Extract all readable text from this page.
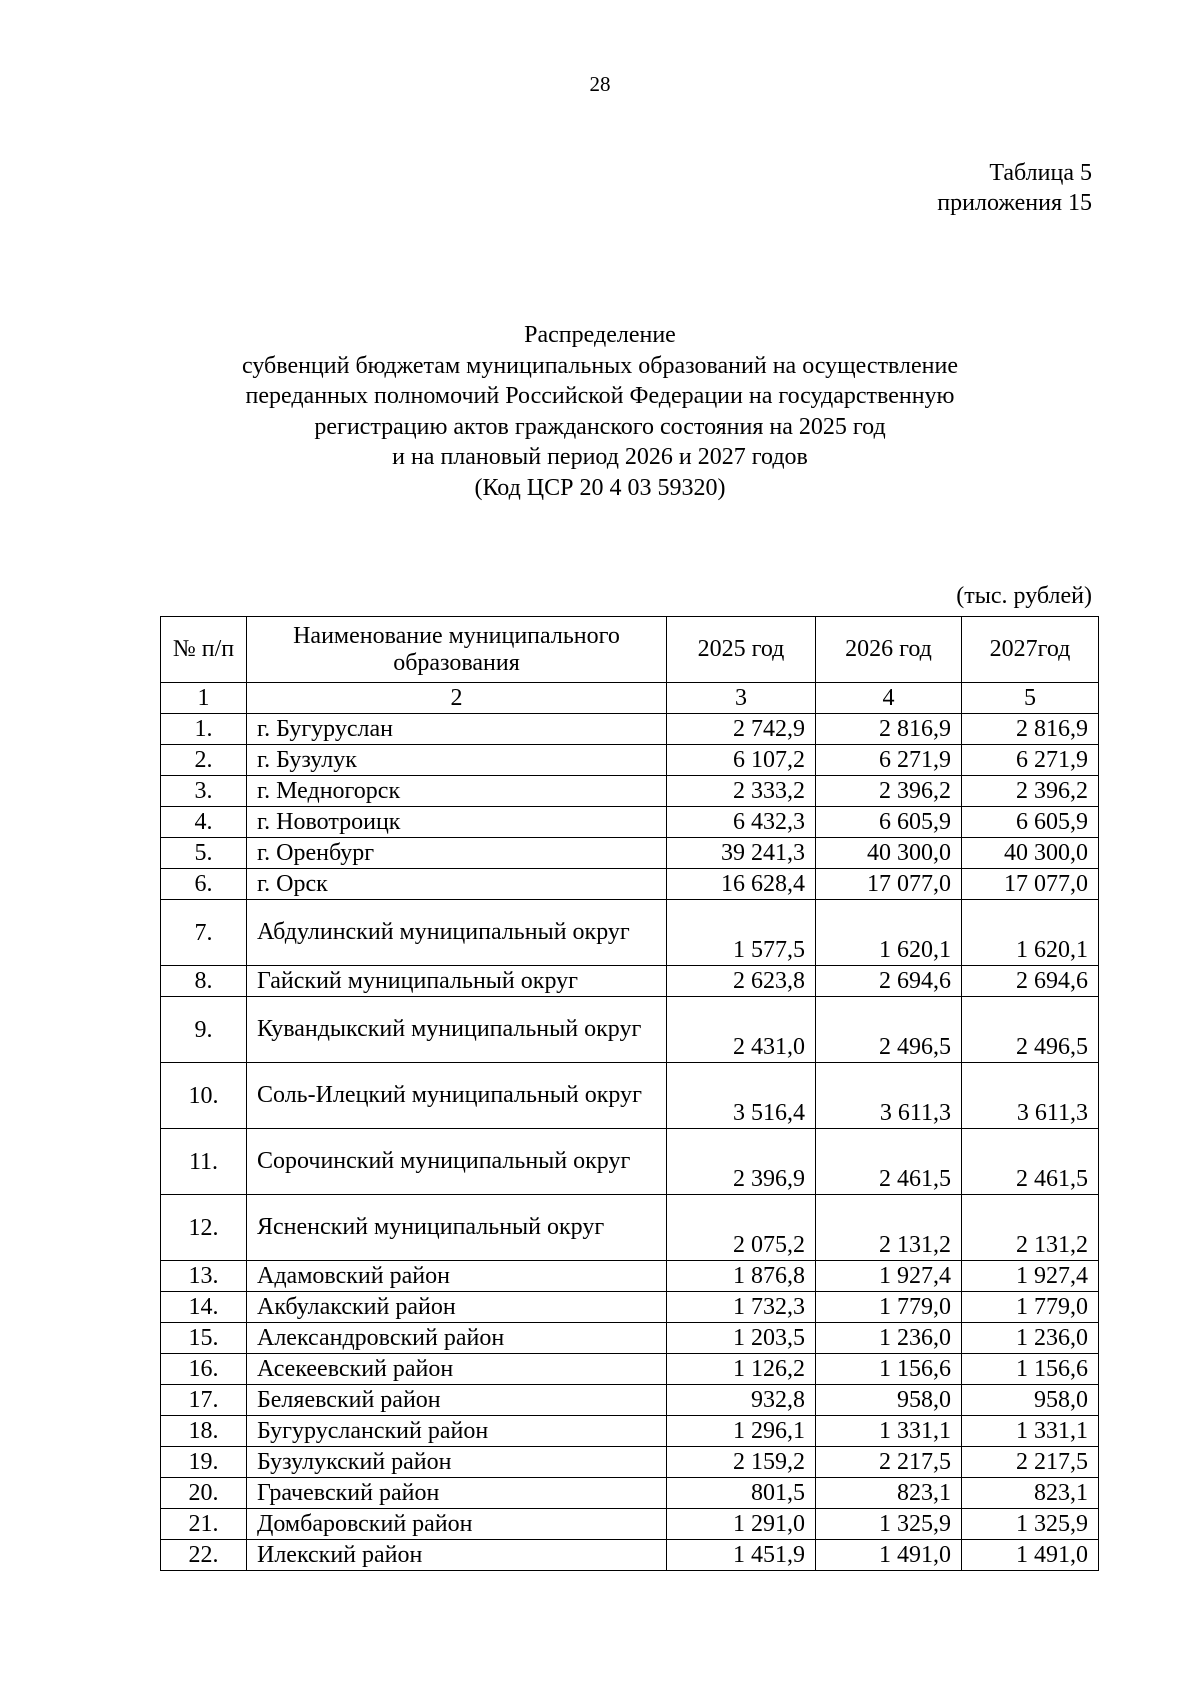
28
Таблица 5
приложения 15
Распределение
субвенций бюджетам муниципальных образований на осуществление
переданных полномочий Российской Федерации на государственную
регистрацию актов гражданского состояния на 2025 год
и на плановый период 2026 и 2027 годов
(Код ЦСР 20 4 03 59320)
(тыс. рублей)
№ п/п	Наименование муниципального образования	2025 год	2026 год	2027год
1	2	3	4	5
1.	г. Бугуруслан	2 742,9	2 816,9	2 816,9
2.	г. Бузулук	6 107,2	6 271,9	6 271,9
3.	г. Медногорск	2 333,2	2 396,2	2 396,2
4.	г. Новотроицк	6 432,3	6 605,9	6 605,9
5.	г. Оренбург	39 241,3	40 300,0	40 300,0
6.	г. Орск	16 628,4	17 077,0	17 077,0
7.	Абдулинский муниципальный округ	1 577,5	1 620,1	1 620,1
8.	Гайский муниципальный округ	2 623,8	2 694,6	2 694,6
9.	Кувандыкский муниципальный округ	2 431,0	2 496,5	2 496,5
10.	Соль-Илецкий муниципальный округ	3 516,4	3 611,3	3 611,3
11.	Сорочинский муниципальный округ	2 396,9	2 461,5	2 461,5
12.	Ясненский муниципальный округ	2 075,2	2 131,2	2 131,2
13.	Адамовский район	1 876,8	1 927,4	1 927,4
14.	Акбулакский район	1 732,3	1 779,0	1 779,0
15.	Александровский район	1 203,5	1 236,0	1 236,0
16.	Асекеевский район	1 126,2	1 156,6	1 156,6
17.	Беляевский район	932,8	958,0	958,0
18.	Бугурусланский район	1 296,1	1 331,1	1 331,1
19.	Бузулукский район	2 159,2	2 217,5	2 217,5
20.	Грачевский район	801,5	823,1	823,1
21.	Домбаровский район	1 291,0	1 325,9	1 325,9
22.	Илекский район	1 451,9	1 491,0	1 491,0
